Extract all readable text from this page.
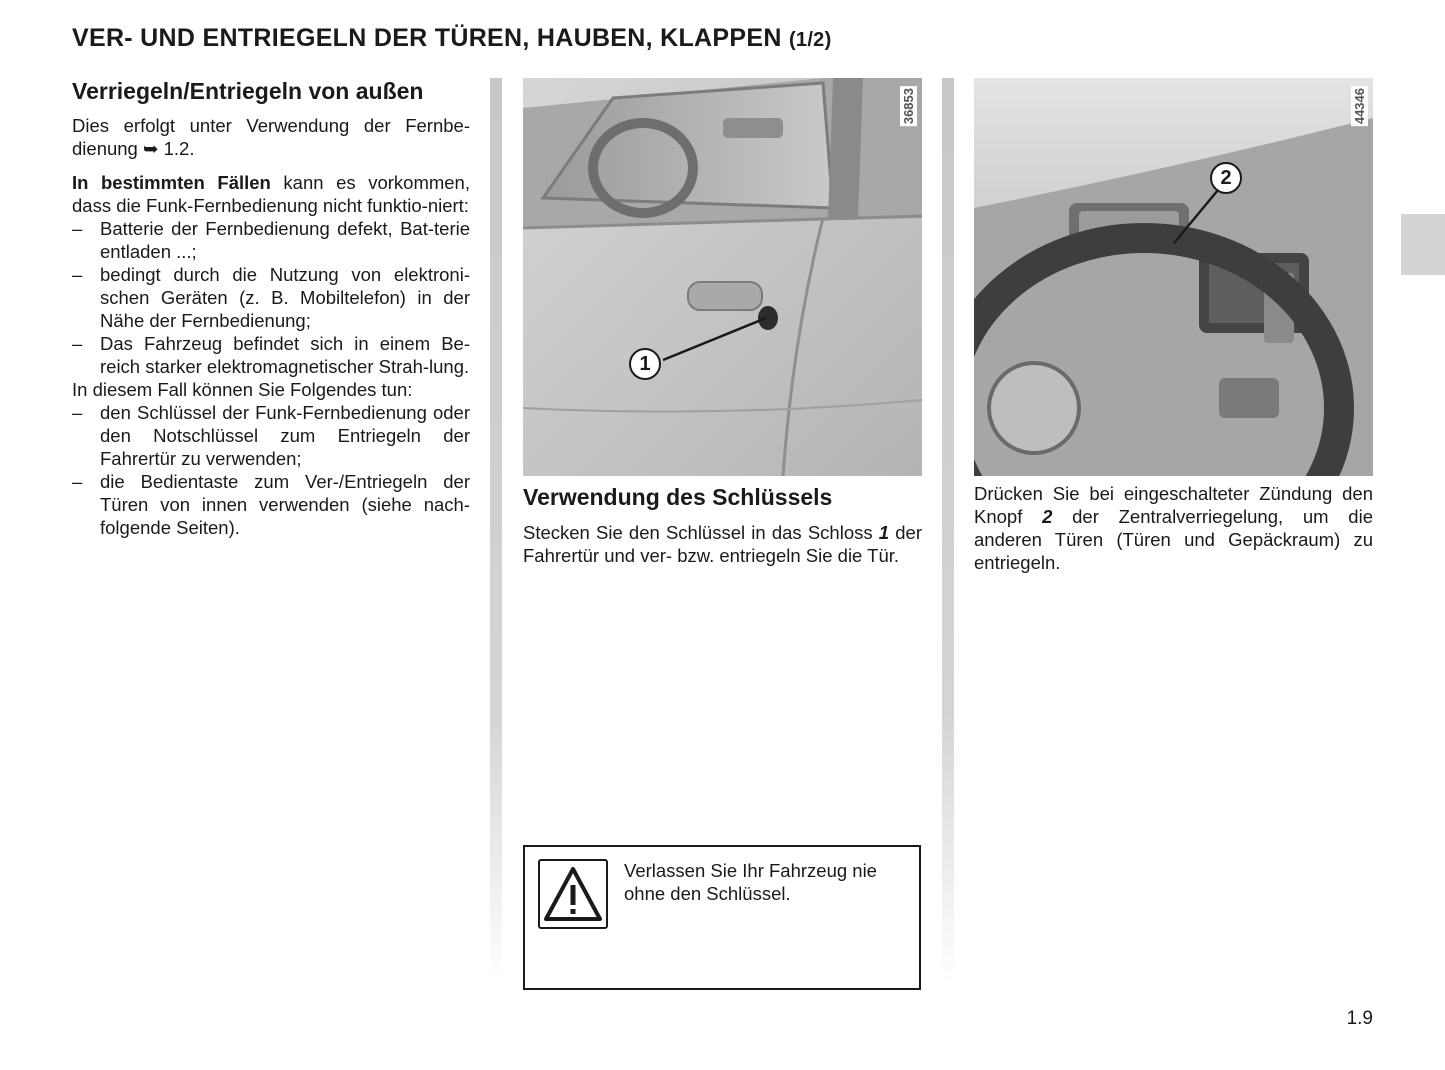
VER- UND ENTRIEGELN DER TÜREN, HAUBEN, KLAPPEN (1/2)
Verriegeln/Entriegeln von außen

Dies erfolgt unter Verwendung der Fernbe-dienung ➥ 1.2.

In bestimmten Fällen kann es vorkommen, dass die Funk-Fernbedienung nicht funktio-niert:

– Batterie der Fernbedienung defekt, Bat-terie entladen ...;
– bedingt durch die Nutzung von elektroni-schen Geräten (z. B. Mobiltelefon) in der Nähe der Fernbedienung;
– Das Fahrzeug befindet sich in einem Be-reich starker elektromagnetischer Strah-lung.

In diesem Fall können Sie Folgendes tun:

– den Schlüssel der Funk-Fernbedienung oder den Notschlüssel zum Entriegeln der Fahrertür zu verwenden;
– die Bedientaste zum Ver-/Entriegeln der Türen von innen verwenden (siehe nach-folgende Seiten).
36853
1
Verwendung des Schlüssels

Stecken Sie den Schlüssel in das Schloss 1 der Fahrertür und ver- bzw. entriegeln Sie die Tür.

44346
2

Drücken Sie bei eingeschalteter Zündung den Knopf 2 der Zentralverriegelung, um die anderen Türen (Türen und Gepäckraum) zu entriegeln.

Verlassen Sie Ihr Fahrzeug nie ohne den Schlüssel.
1.9
